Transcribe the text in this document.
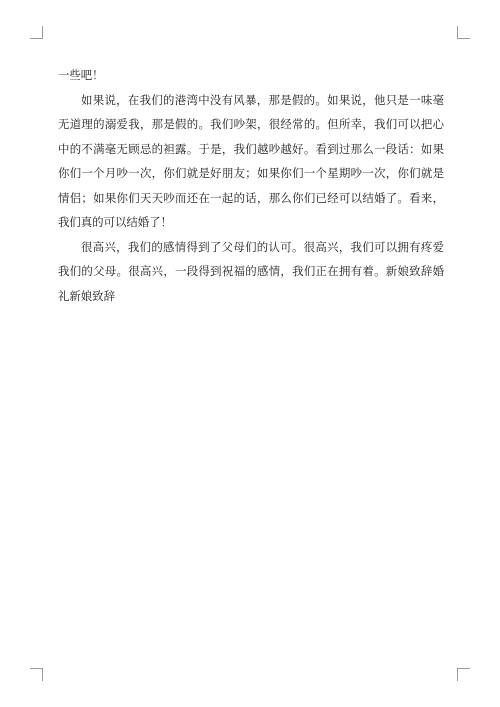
一些吧！

如果说，在我们的港湾中没有风暴，那是假的。如果说，他只是一味毫无道理的溺爱我，那是假的。我们吵架，很经常的。但所幸，我们可以把心中的不满毫无顾忌的袒露。于是，我们越吵越好。看到过那么一段话：如果你们一个月吵一次，你们就是好朋友；如果你们一个星期吵一次，你们就是情侣；如果你们天天吵而还在一起的话，那么你们已经可以结婚了。看来，我们真的可以结婚了！

很高兴，我们的感情得到了父母们的认可。很高兴，我们可以拥有疼爱我们的父母。很高兴，一段得到祝福的感情，我们正在拥有着。新娘致辞婚礼新娘致辞
